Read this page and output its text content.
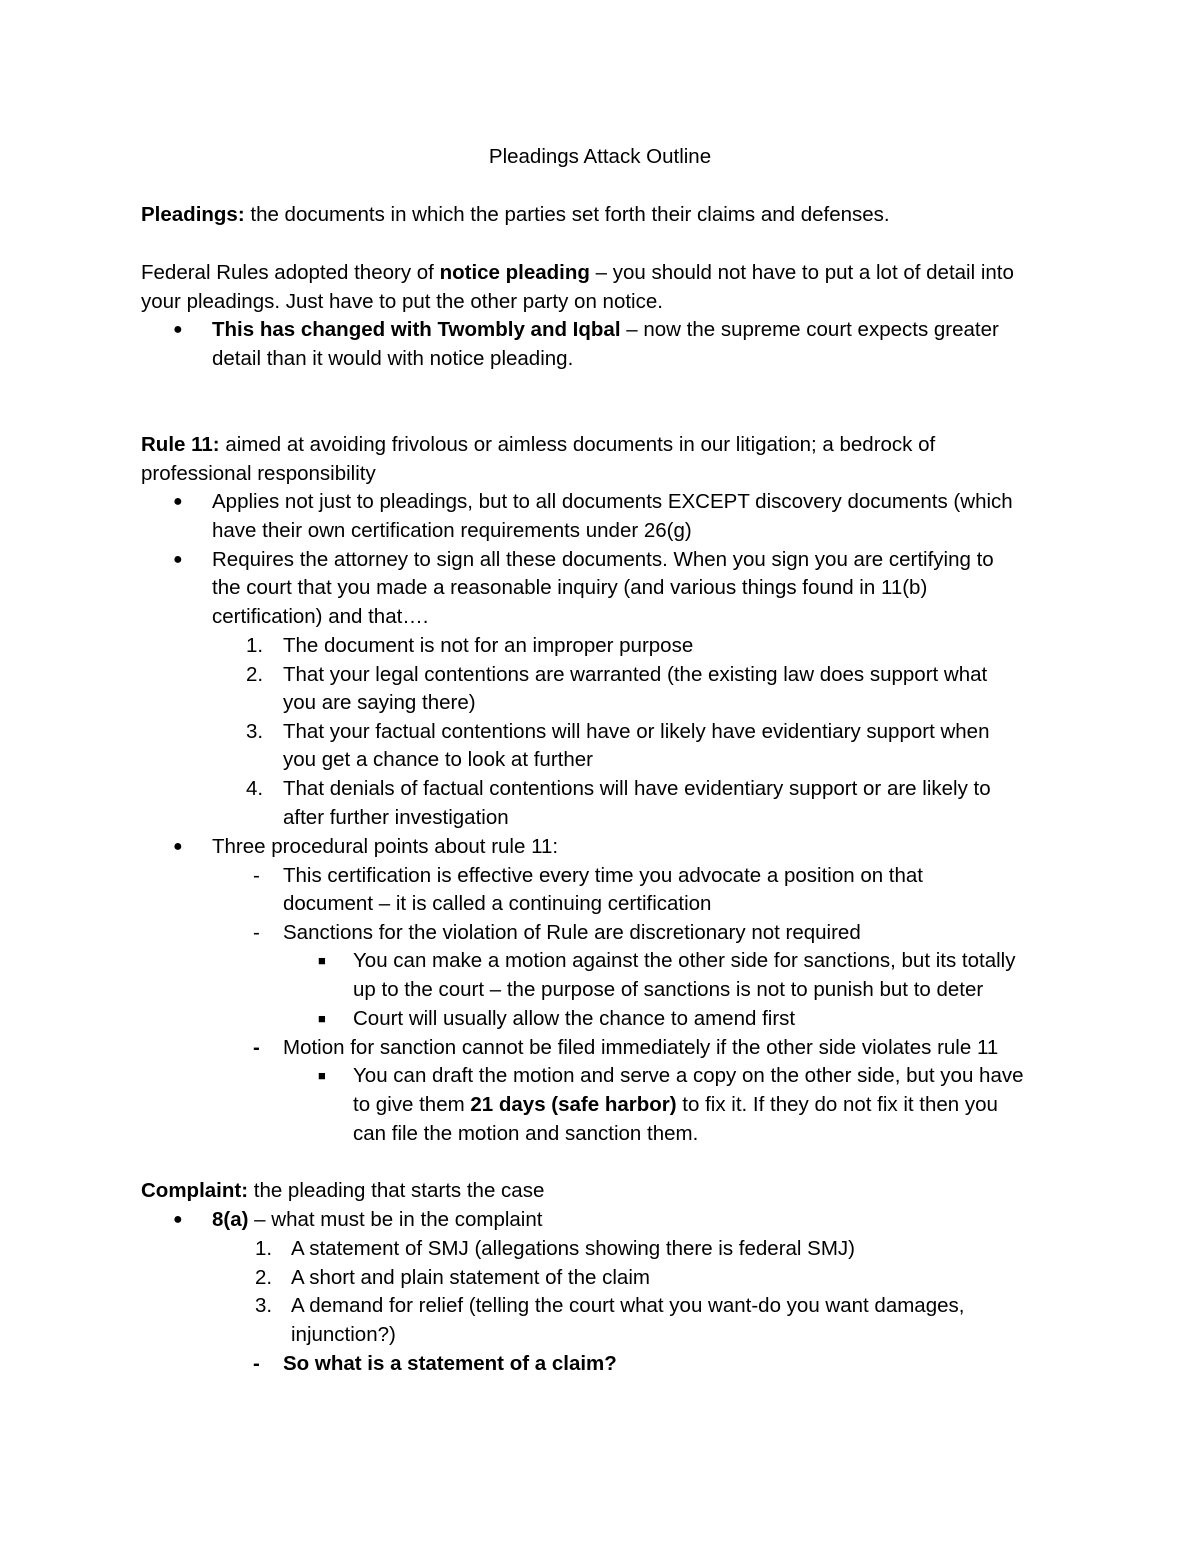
Pleadings Attack Outline
Pleadings: the documents in which the parties set forth their claims and defenses.
Federal Rules adopted theory of notice pleading – you should not have to put a lot of detail into
your pleadings. Just have to put the other party on notice.
● This has changed with Twombly and Iqbal – now the supreme court expects greater
detail than it would with notice pleading.
Rule 11: aimed at avoiding frivolous or aimless documents in our litigation; a bedrock of
professional responsibility
● Applies not just to pleadings, but to all documents EXCEPT discovery documents (which
have their own certification requirements under 26(g)
● Requires the attorney to sign all these documents. When you sign you are certifying to
the court that you made a reasonable inquiry (and various things found in 11(b)
certification) and that….
1. The document is not for an improper purpose
2. That your legal contentions are warranted (the existing law does support what
you are saying there)
3. That your factual contentions will have or likely have evidentiary support when
you get a chance to look at further
4. That denials of factual contentions will have evidentiary support or are likely to
after further investigation
● Three procedural points about rule 11:
- This certification is effective every time you advocate a position on that
document – it is called a continuing certification
- Sanctions for the violation of Rule are discretionary not required
■ You can make a motion against the other side for sanctions, but its totally
up to the court – the purpose of sanctions is not to punish but to deter
■ Court will usually allow the chance to amend first
- Motion for sanction cannot be filed immediately if the other side violates rule 11
■ You can draft the motion and serve a copy on the other side, but you have
to give them 21 days (safe harbor) to fix it. If they do not fix it then you
can file the motion and sanction them.
Complaint: the pleading that starts the case
● 8(a) – what must be in the complaint
1. A statement of SMJ (allegations showing there is federal SMJ)
2. A short and plain statement of the claim
3. A demand for relief (telling the court what you want-do you want damages,
injunction?)
- So what is a statement of a claim?
